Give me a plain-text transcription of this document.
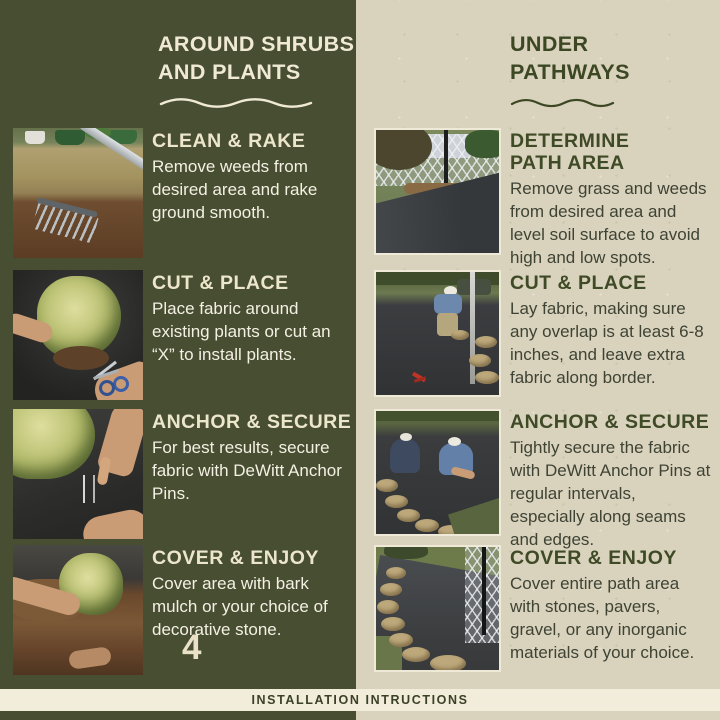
AROUND SHRUBS
AND PLANTS
UNDER
PATHWAYS
CLEAN & RAKE
Remove weeds from desired area and rake ground smooth.
CUT & PLACE
Place fabric around existing plants or cut an “X” to install plants.
ANCHOR & SECURE
For best results, secure fabric with DeWitt Anchor Pins.
COVER & ENJOY
Cover area with bark mulch or your choice of decorative stone.
4
DETERMINE
PATH AREA
Remove grass and weeds from desired area and level soil surface to avoid high and low spots.
CUT & PLACE
Lay fabric, making sure any overlap is at least 6-8 inches, and leave extra fabric along border.
ANCHOR & SECURE
Tightly secure the fabric with DeWitt Anchor Pins at regular intervals, especially along seams and edges.
COVER & ENJOY
Cover entire path area with stones, pavers, gravel, or any inorganic materials of your choice.
INSTALLATION INTRUCTIONS
